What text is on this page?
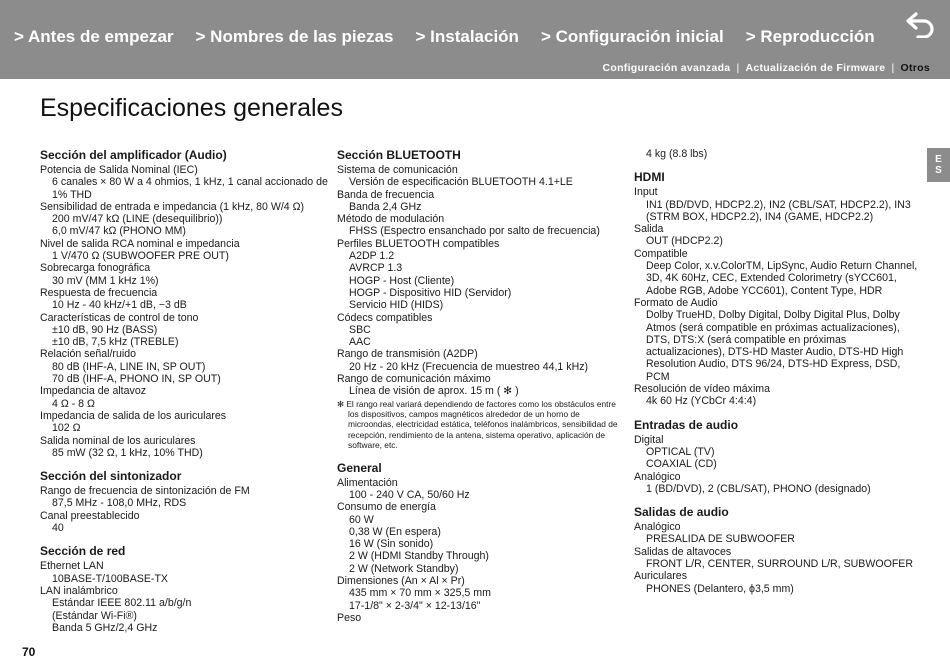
> Antes de empezar > Nombres de las piezas > Instalación > Configuración inicial > Reproducción
Configuración avanzada | Actualización de Firmware | Otros
Especificaciones generales
E
S
Sección del amplificador (Audio)
Potencia de Salida Nominal (IEC)
6 canales × 80 W a 4 ohmios, 1 kHz, 1 canal accionado de 1% THD
Sensibilidad de entrada e impedancia (1 kHz, 80 W/4 Ω)
200 mV/47 kΩ (LINE (desequilibrio))
6,0 mV/47 kΩ (PHONO MM)
Nivel de salida RCA nominal e impedancia
1 V/470 Ω (SUBWOOFER PRE OUT)
Sobrecarga fonográfica
30 mV (MM 1 kHz 1%)
Respuesta de frecuencia
10 Hz - 40 kHz/+1 dB, −3 dB
Características de control de tono
±10 dB, 90 Hz (BASS)
±10 dB, 7,5 kHz (TREBLE)
Relación señal/ruido
80 dB (IHF-A, LINE IN, SP OUT)
70 dB (IHF-A, PHONO IN, SP OUT)
Impedancia de altavoz
4 Ω - 8 Ω
Impedancia de salida de los auriculares
102 Ω
Salida nominal de los auriculares
85 mW (32 Ω, 1 kHz, 10% THD)
Sección del sintonizador
Rango de frecuencia de sintonización de FM
87,5 MHz - 108,0 MHz, RDS
Canal preestablecido
40
Sección de red
Ethernet LAN
10BASE-T/100BASE-TX
LAN inalámbrico
Estándar IEEE 802.11 a/b/g/n
(Estándar Wi-Fi®)
Banda 5 GHz/2,4 GHz
Sección BLUETOOTH
Sistema de comunicación
Versión de especificación BLUETOOTH 4.1+LE
Banda de frecuencia
Banda 2,4 GHz
Método de modulación
FHSS (Espectro ensanchado por salto de frecuencia)
Perfiles BLUETOOTH compatibles
A2DP 1.2
AVRCP 1.3
HOGP - Host (Cliente)
HOGP - Dispositivo HID (Servidor)
Servicio HID (HIDS)
Códecs compatibles
SBC
AAC
Rango de transmisión (A2DP)
20 Hz - 20 kHz (Frecuencia de muestreo 44,1 kHz)
Rango de comunicación máximo
Línea de visión de aprox. 15 m ( ✻ )
✻ El rango real variará dependiendo de factores como los obstáculos entre los dispositivos, campos magnéticos alrededor de un horno de microondas, electricidad estática, teléfonos inalámbricos, sensibilidad de recepción, rendimiento de la antena, sistema operativo, aplicación de software, etc.
General
Alimentación
100 - 240 V CA, 50/60 Hz
Consumo de energía
60 W
0,38 W (En espera)
16 W (Sin sonido)
2 W (HDMI Standby Through)
2 W (Network Standby)
Dimensiones (An × Al × Pr)
435 mm × 70 mm × 325,5 mm
17-1/8" × 2-3/4" × 12-13/16"
Peso
4 kg (8.8 lbs)
HDMI
Input
IN1 (BD/DVD, HDCP2.2), IN2 (CBL/SAT, HDCP2.2), IN3 (STRM BOX, HDCP2.2), IN4 (GAME, HDCP2.2)
Salida
OUT (HDCP2.2)
Compatible
Deep Color, x.v.ColorTM, LipSync, Audio Return Channel, 3D, 4K 60Hz, CEC, Extended Colorimetry (sYCC601, Adobe RGB, Adobe YCC601), Content Type, HDR
Formato de Audio
Dolby TrueHD, Dolby Digital, Dolby Digital Plus, Dolby Atmos (será compatible en próximas actualizaciones), DTS, DTS:X (será compatible en próximas actualizaciones), DTS-HD Master Audio, DTS-HD High Resolution Audio, DTS 96/24, DTS-HD Express, DSD, PCM
Resolución de vídeo máxima
4k 60 Hz (YCbCr 4:4:4)
Entradas de audio
Digital
OPTICAL (TV)
COAXIAL (CD)
Analógico
1 (BD/DVD), 2 (CBL/SAT), PHONO (designado)
Salidas de audio
Analógico
PRESALIDA DE SUBWOOFER
Salidas de altavoces
FRONT L/R, CENTER, SURROUND L/R, SUBWOOFER
Auriculares
PHONES (Delantero, ϕ3,5 mm)
70
